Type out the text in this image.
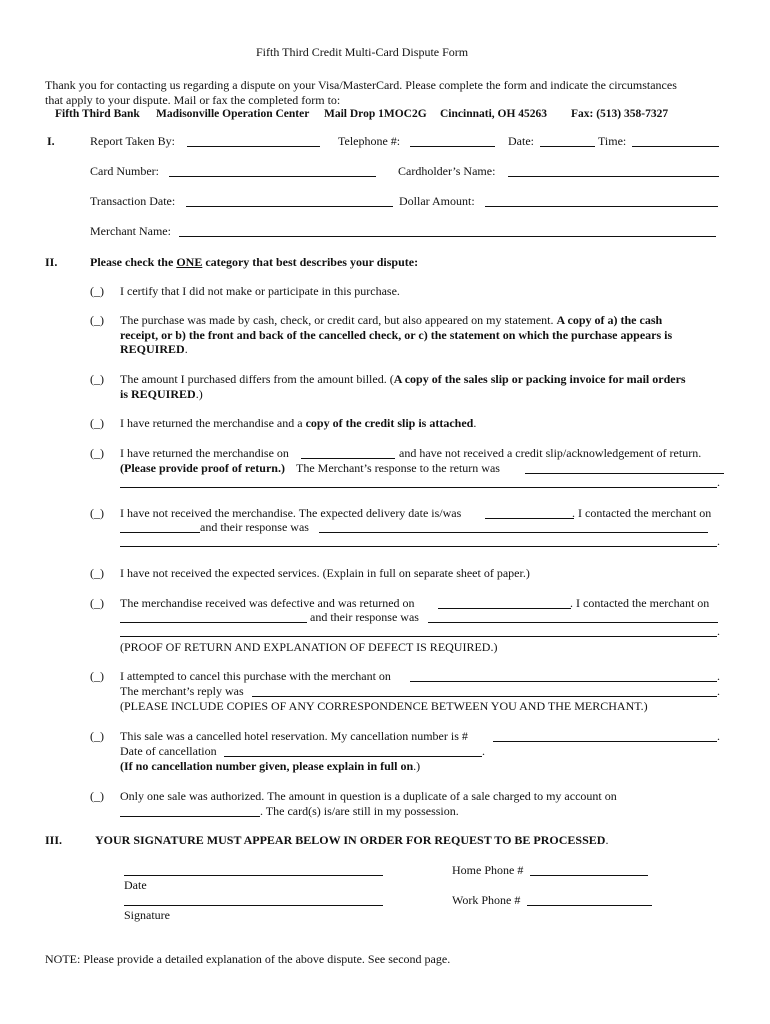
Fifth Third Credit Multi-Card Dispute Form
Thank you for contacting us regarding a dispute on your Visa/MasterCard. Please complete the form and indicate the circumstances
that apply to your dispute. Mail or fax the completed form to:
Fifth Third Bank Madisonville Operation Center Mail Drop 1MOC2G Cincinnati, OH 45263 Fax: (513) 358-7327
I.	Report Taken By:	Telephone #:	Date:	Time:
Card Number:	Cardholder’s Name:
Transaction Date:	Dollar Amount:
Merchant Name:
II.	Please check the ONE category that best describes your dispute:
(_) I certify that I did not make or participate in this purchase.
(_) The purchase was made by cash, check, or credit card, but also appeared on my statement. A copy of a) the cash
receipt, or b) the front and back of the cancelled check, or c) the statement on which the purchase appears is
REQUIRED.
(_) The amount I purchased differs from the amount billed. (A copy of the sales slip or packing invoice for mail orders
is REQUIRED.)
(_) I have returned the merchandise and a copy of the credit slip is attached.
(_) I have returned the merchandise on	and have not received a credit slip/acknowledgement of return.
(Please provide proof of return.) The Merchant’s response to the return was
.
(_) I have not received the merchandise. The expected delivery date is/was	. I contacted the merchant on
and their response was
.
(_) I have not received the expected services. (Explain in full on separate sheet of paper.)
(_) The merchandise received was defective and was returned on	. I contacted the merchant on
and their response was
.
(PROOF OF RETURN AND EXPLANATION OF DEFECT IS REQUIRED.)
(_) I attempted to cancel this purchase with the merchant on	.
The merchant’s reply was	.
(PLEASE INCLUDE COPIES OF ANY CORRESPONDENCE BETWEEN YOU AND THE MERCHANT.)
(_) This sale was a cancelled hotel reservation. My cancellation number is #	.
Date of cancellation	.
(If no cancellation number given, please explain in full on.)
(_) Only one sale was authorized. The amount in question is a duplicate of a sale charged to my account on
. The card(s) is/are still in my possession.
III.	YOUR SIGNATURE MUST APPEAR BELOW IN ORDER FOR REQUEST TO BE PROCESSED.
Date
Signature
Home Phone #
Work Phone #
NOTE: Please provide a detailed explanation of the above dispute. See second page.
